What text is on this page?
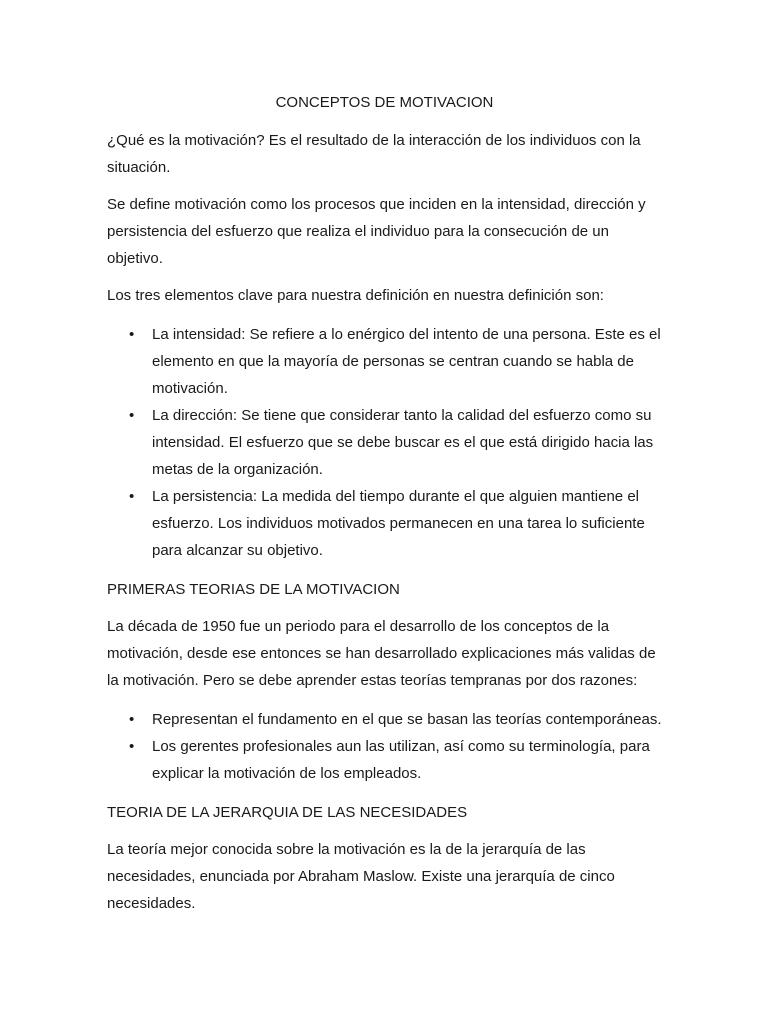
CONCEPTOS DE MOTIVACION

¿Qué es la motivación? Es el resultado de la interacción de los individuos con la situación.

Se define motivación como los procesos que inciden en la intensidad, dirección y persistencia del esfuerzo que realiza el individuo para la consecución de un objetivo.

Los tres elementos clave para nuestra definición en nuestra definición son:

• La intensidad: Se refiere a lo enérgico del intento de una persona. Este es el elemento en que la mayoría de personas se centran cuando se habla de motivación.
• La dirección: Se tiene que considerar tanto la calidad del esfuerzo como su intensidad. El esfuerzo que se debe buscar es el que está dirigido hacia las metas de la organización.
• La persistencia: La medida del tiempo durante el que alguien mantiene el esfuerzo. Los individuos motivados permanecen en una tarea lo suficiente para alcanzar su objetivo.
PRIMERAS TEORIAS DE LA MOTIVACION

La década de 1950 fue un periodo para el desarrollo de los conceptos de la motivación, desde ese entonces se han desarrollado explicaciones más validas de la motivación. Pero se debe aprender estas teorías tempranas por dos razones:

• Representan el fundamento en el que se basan las teorías contemporáneas.
• Los gerentes profesionales aun las utilizan, así como su terminología, para explicar la motivación de los empleados.
TEORIA DE LA JERARQUIA DE LAS NECESIDADES

La teoría mejor conocida sobre la motivación es la de la jerarquía de las necesidades, enunciada por Abraham Maslow. Existe una jerarquía de cinco necesidades.
